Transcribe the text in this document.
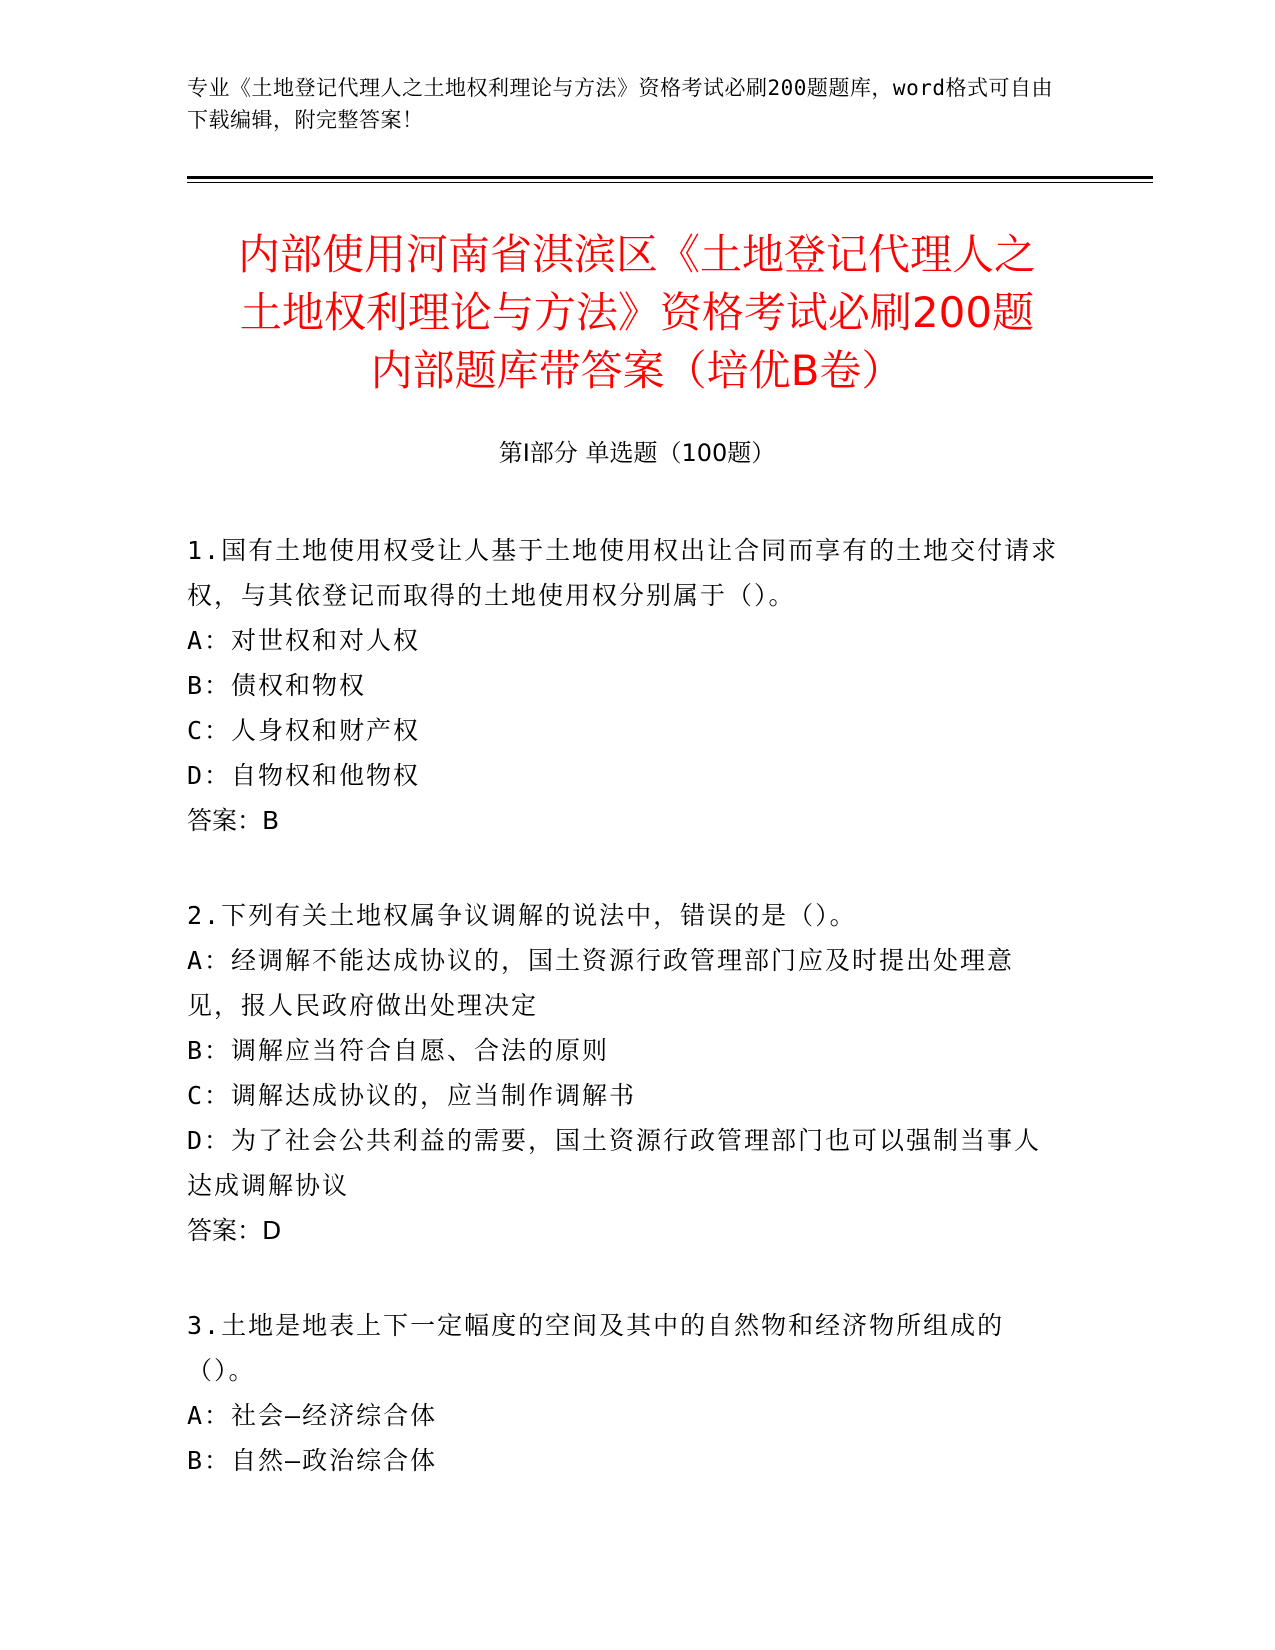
专业《土地登记代理人之土地权利理论与方法》资格考试必刷200题题库，word格式可自由下载编辑，附完整答案！
内部使用河南省淇滨区《土地登记代理人之
土地权利理论与方法》资格考试必刷200题
内部题库带答案（培优B卷）
第Ⅰ部分 单选题（100题）
1.国有土地使用权受让人基于土地使用权出让合同而享有的土地交付请求权，与其依登记而取得的土地使用权分别属于（）。
A：对世权和对人权
B：债权和物权
C：人身权和财产权
D：自物权和他物权
答案：B
2.下列有关土地权属争议调解的说法中，错误的是（）。
A：经调解不能达成协议的，国土资源行政管理部门应及时提出处理意见，报人民政府做出处理决定
B：调解应当符合自愿、合法的原则
C：调解达成协议的，应当制作调解书
D：为了社会公共利益的需要，国土资源行政管理部门也可以强制当事人达成调解协议
答案：D
3.土地是地表上下一定幅度的空间及其中的自然物和经济物所组成的（）。
A：社会—经济综合体
B：自然—政治综合体
